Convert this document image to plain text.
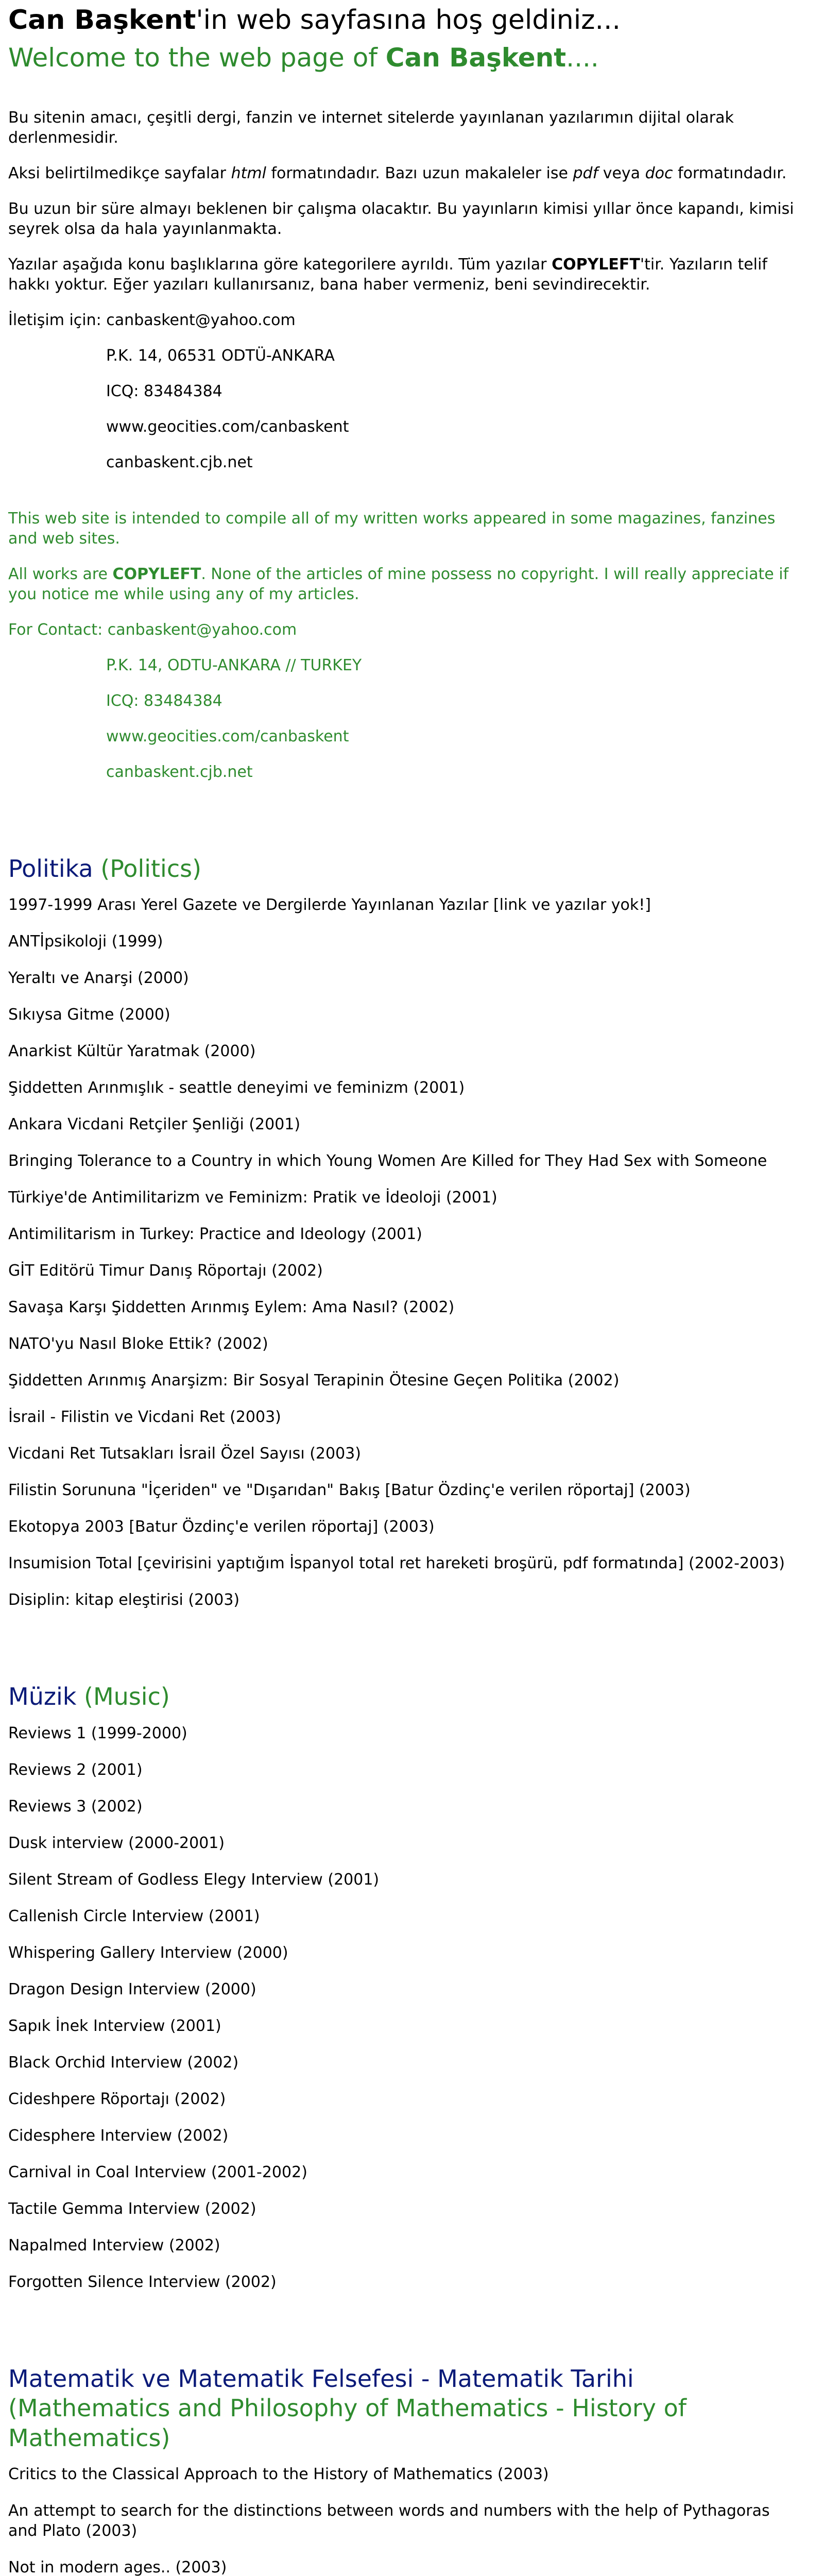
Can Başkent'in web sayfasına hoş geldiniz...
Welcome to the web page of Can Başkent....

Bu sitenin amacı, çeşitli dergi, fanzin ve internet sitelerde yayınlanan yazılarımın dijital olarak derlenmesidir.

Aksi belirtilmedikçe sayfalar html formatındadır. Bazı uzun makaleler ise pdf veya doc formatındadır.

Bu uzun bir süre almayı beklenen bir çalışma olacaktır. Bu yayınların kimisi yıllar önce kapandı, kimisi seyrek olsa da hala yayınlanmakta.

Yazılar aşağıda konu başlıklarına göre kategorilere ayrıldı. Tüm yazılar COPYLEFT'tir. Yazıların telif hakkı yoktur. Eğer yazıları kullanırsanız, bana haber vermeniz, beni sevindirecektir.

İletişim için: canbaskent@yahoo.com

P.K. 14, 06531 ODTÜ-ANKARA

ICQ: 83484384

www.geocities.com/canbaskent

canbaskent.cjb.net

This web site is intended to compile all of my written works appeared in some magazines, fanzines and web sites.

All works are COPYLEFT. None of the articles of mine possess no copyright. I will really appreciate if you notice me while using any of my articles.

For Contact: canbaskent@yahoo.com

P.K. 14, ODTU-ANKARA // TURKEY

ICQ: 83484384

www.geocities.com/canbaskent

canbaskent.cjb.net

Politika (Politics)
1997-1999 Arası Yerel Gazete ve Dergilerde Yayınlanan Yazılar [link ve yazılar yok!]
ANTİpsikoloji (1999)
Yeraltı ve Anarşi (2000)
Sıkıysa Gitme (2000)
Anarkist Kültür Yaratmak (2000)
Şiddetten Arınmışlık - seattle deneyimi ve feminizm (2001)
Ankara Vicdani Retçiler Şenliği (2001)
Bringing Tolerance to a Country in which Young Women Are Killed for They Had Sex with Someone
Türkiye'de Antimilitarizm ve Feminizm: Pratik ve İdeoloji (2001)
Antimilitarism in Turkey: Practice and Ideology (2001)
GİT Editörü Timur Danış Röportajı (2002)
Savaşa Karşı Şiddetten Arınmış Eylem: Ama Nasıl? (2002)
NATO'yu Nasıl Bloke Ettik? (2002)
Şiddetten Arınmış Anarşizm: Bir Sosyal Terapinin Ötesine Geçen Politika (2002)
İsrail - Filistin ve Vicdani Ret (2003)
Vicdani Ret Tutsakları İsrail Özel Sayısı (2003)
Filistin Sorununa "İçeriden" ve "Dışarıdan" Bakış [Batur Özdinç'e verilen röportaj] (2003)
Ekotopya 2003 [Batur Özdinç'e verilen röportaj] (2003)
Insumision Total [çevirisini yaptığım İspanyol total ret hareketi broşürü, pdf formatında] (2002-2003)
Disiplin: kitap eleştirisi (2003)
Müzik (Music)
Reviews 1 (1999-2000)
Reviews 2 (2001)
Reviews 3 (2002)
Dusk interview (2000-2001)
Silent Stream of Godless Elegy Interview (2001)
Callenish Circle Interview (2001)
Whispering Gallery Interview (2000)
Dragon Design Interview (2000)
Sapık İnek Interview (2001)
Black Orchid Interview (2002)
Cideshpere Röportajı (2002)
Cidesphere Interview (2002)
Carnival in Coal Interview (2001-2002)
Tactile Gemma Interview (2002)
Napalmed Interview (2002)
Forgotten Silence Interview (2002)
Matematik ve Matematik Felsefesi - Matematik Tarihi
(Mathematics and Philosophy of Mathematics - History of Mathematics)
Critics to the Classical Approach to the History of Mathematics (2003)
An attempt to search for the distinctions between words and numbers with the help of Pythagoras and Plato (2003)
Not in modern ages.. (2003)
